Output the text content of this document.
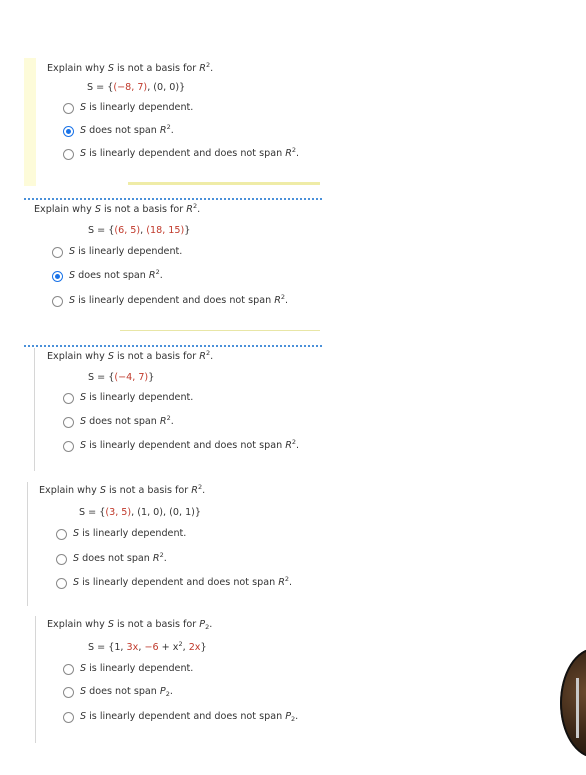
Explain why S is not a basis for $R^2$.
S = {(−8, 7), (0, 0)}
S is linearly dependent.
S does not span $R^2$.
S is linearly dependent and does not span $R^2$.
Explain why S is not a basis for $R^2$.
S = {(6, 5), (18, 15)}
S is linearly dependent.
S does not span $R^2$.
S is linearly dependent and does not span $R^2$.
Explain why S is not a basis for $R^2$.
S = {(−4, 7)}
S is linearly dependent.
S does not span $R^2$.
S is linearly dependent and does not span $R^2$.
Explain why S is not a basis for $R^2$.
S = {(3, 5), (1, 0), (0, 1)}
S is linearly dependent.
S does not span $R^2$.
S is linearly dependent and does not span $R^2$.
Explain why S is not a basis for $P_2$.
S = {1, 3x, $-6 + x^2$, 2x}
S is linearly dependent.
S does not span $P_2$.
S is linearly dependent and does not span $P_2$.
